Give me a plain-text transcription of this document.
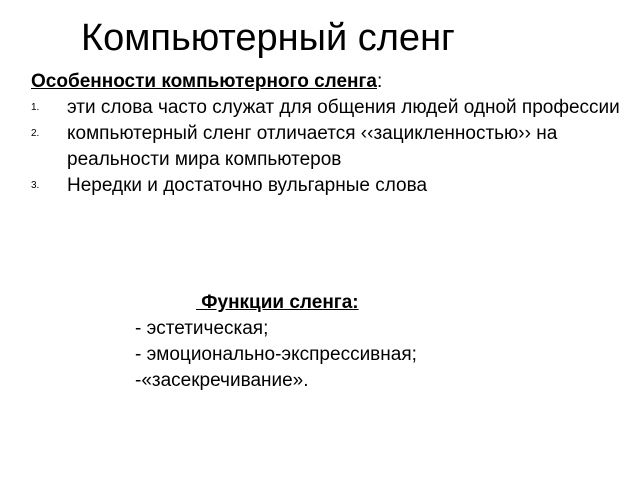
Компьютерный сленг
Особенности компьютерного сленга:
1. эти слова часто служат для общения людей одной профессии
2. компьютерный сленг отличается ‹‹зацикленностью›› на реальности мира компьютеров
3. Нередки и достаточно вульгарные слова
Функции сленга:
- эстетическая;
- эмоционально-экспрессивная;
-«засекречивание».
